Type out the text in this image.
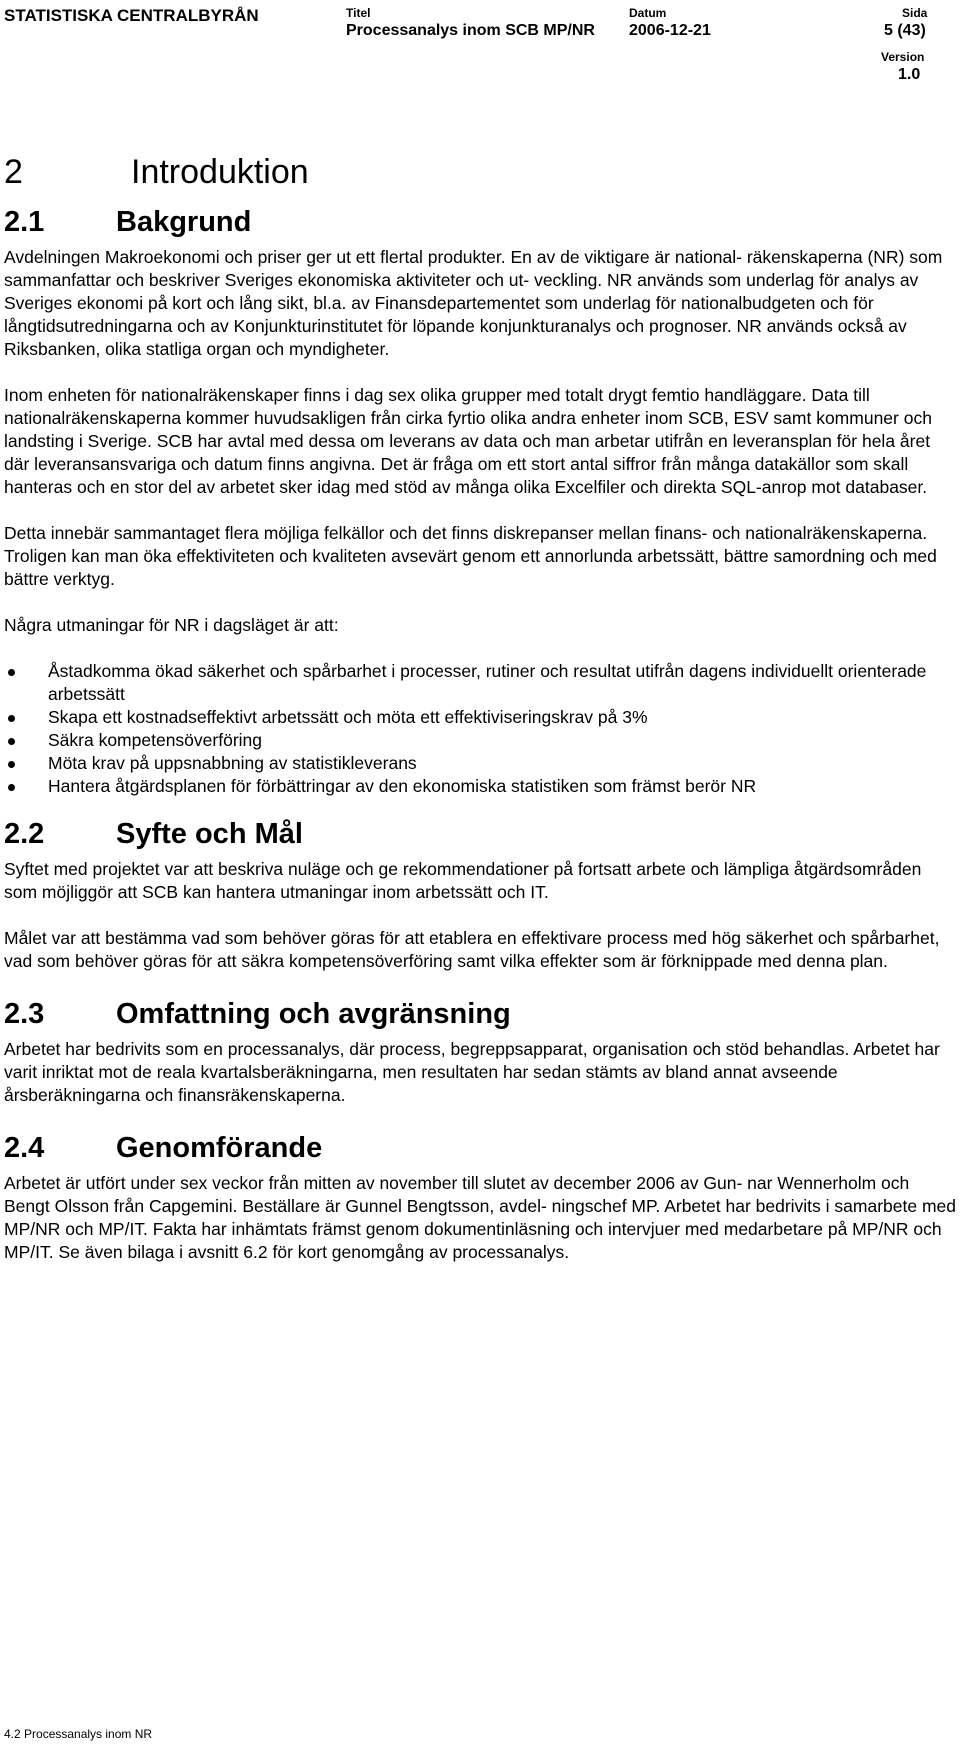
STATISTISKA CENTRALBYRÅN	Titel
Processanalys inom SCB MP/NR
Datum
2006-12-21
Sida
5 (43)
Version
1.0
2	Introduktion
2.1 Bakgrund

Avdelningen Makroekonomi och priser ger ut ett flertal produkter. En av de viktigare är national- räkenskaperna (NR) som sammanfattar och beskriver Sveriges ekonomiska aktiviteter och ut- veckling. NR används som underlag för analys av Sveriges ekonomi på kort och lång sikt, bl.a. av Finansdepartementet som underlag för nationalbudgeten och för långtidsutredningarna och av Konjunkturinstitutet för löpande konjunkturanalys och prognoser. NR används också av Riksbanken, olika statliga organ och myndigheter.

Inom enheten för nationalräkenskaper finns i dag sex olika grupper med totalt drygt femtio handläggare. Data till nationalräkenskaperna kommer huvudsakligen från cirka fyrtio olika andra enheter inom SCB, ESV samt kommuner och landsting i Sverige. SCB har avtal med dessa om leverans av data och man arbetar utifrån en leveransplan för hela året där leveransansvariga och datum finns angivna. Det är fråga om ett stort antal siffror från många datakällor som skall hanteras och en stor del av arbetet sker idag med stöd av många olika Excelfiler och direkta SQL-anrop mot databaser.

Detta innebär sammantaget flera möjliga felkällor och det finns diskrepanser mellan finans- och nationalräkenskaperna. Troligen kan man öka effektiviteten och kvaliteten avsevärt genom ett annorlunda arbetssätt, bättre samordning och med bättre verktyg.

Några utmaningar för NR i dagsläget är att:

Åstadkomma ökad säkerhet och spårbarhet i processer, rutiner och resultat utifrån dagens individuellt orienterade arbetssätt
Skapa ett kostnadseffektivt arbetssätt och möta ett effektiviseringskrav på 3%
Säkra kompetensöverföring
Möta krav på uppsnabbning av statistikleverans
Hantera åtgärdsplanen för förbättringar av den ekonomiska statistiken som främst berör NR
2.2 Syfte och Mål

Syftet med projektet var att beskriva nuläge och ge rekommendationer på fortsatt arbete och lämpliga åtgärdsområden som möjliggör att SCB kan hantera utmaningar inom arbetssätt och IT.

Målet var att bestämma vad som behöver göras för att etablera en effektivare process med hög säkerhet och spårbarhet, vad som behöver göras för att säkra kompetensöverföring samt vilka effekter som är förknippade med denna plan.

2.3 Omfattning och avgränsning

Arbetet har bedrivits som en processanalys, där process, begreppsapparat, organisation och stöd behandlas. Arbetet har varit inriktat mot de reala kvartalsberäkningarna, men resultaten har sedan stämts av bland annat avseende årsberäkningarna och finansräkenskaperna.

2.4 Genomförande

Arbetet är utfört under sex veckor från mitten av november till slutet av december 2006 av Gun- nar Wennerholm och Bengt Olsson från Capgemini. Beställare är Gunnel Bengtsson, avdel- ningschef MP. Arbetet har bedrivits i samarbete med MP/NR och MP/IT. Fakta har inhämtats främst genom dokumentinläsning och intervjuer med medarbetare på MP/NR och MP/IT. Se även bilaga i avsnitt 6.2 för kort genomgång av processanalys.

4.2 Processanalys inom NR
